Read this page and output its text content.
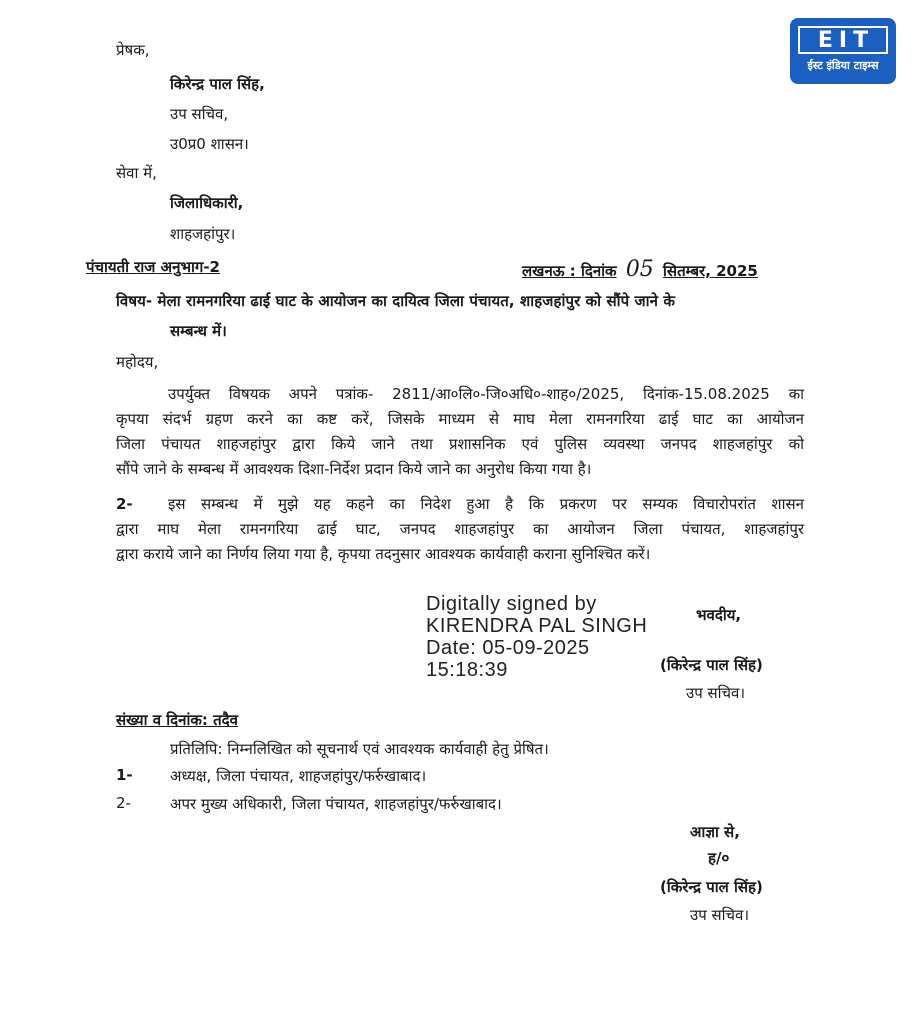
EIT
ईस्ट इंडिया टाइम्स
प्रेषक,
किरेन्द्र पाल सिंह,
उप सचिव,
उ0प्र0 शासन।
सेवा में,
जिलाधिकारी,
शाहजहांपुर।
पंचायती राज अनुभाग-2	लखनऊ : दिनांक 05 सितम्बर, 2025
विषय- मेला रामनगरिया ढाई घाट के आयोजन का दायित्व जिला पंचायत, शाहजहांपुर को सौंपे जाने के
सम्बन्ध में।
महोदय,
उपर्युक्त विषयक अपने पत्रांक- 2811/आ०लि०-जि०अधि०-शाह०/2025, दिनांक-15.08.2025 का
कृपया संदर्भ ग्रहण करने का कष्ट करें, जिसके माध्यम से माघ मेला रामनगरिया ढाई घाट का आयोजन
जिला पंचायत शाहजहांपुर द्वारा किये जाने तथा प्रशासनिक एवं पुलिस व्यवस्था जनपद शाहजहांपुर को
सौंपे जाने के सम्बन्ध में आवश्यक दिशा-निर्देश प्रदान किये जाने का अनुरोध किया गया है।
2-	इस सम्बन्ध में मुझे यह कहने का निदेश हुआ है कि प्रकरण पर सम्यक विचारोपरांत शासन
द्वारा माघ मेला रामनगरिया ढाई घाट, जनपद शाहजहांपुर का आयोजन जिला पंचायत, शाहजहांपुर
द्वारा कराये जाने का निर्णय लिया गया है, कृपया तदनुसार आवश्यक कार्यवाही कराना सुनिश्चित करें।
Digitally signed by
KIRENDRA PAL SINGH
Date: 05-09-2025
15:18:39
भवदीय,
(किरेन्द्र पाल सिंह)
उप सचिव।
संख्या व दिनांक: तदैव
प्रतिलिपि: निम्नलिखित को सूचनार्थ एवं आवश्यक कार्यवाही हेतु प्रेषित।
1- अध्यक्ष, जिला पंचायत, शाहजहांपुर/फर्रुखाबाद।
2-	अपर मुख्य अधिकारी, जिला पंचायत, शाहजहांपुर/फर्रुखाबाद।
आज्ञा से,
ह/०
(किरेन्द्र पाल सिंह)
उप सचिव।
